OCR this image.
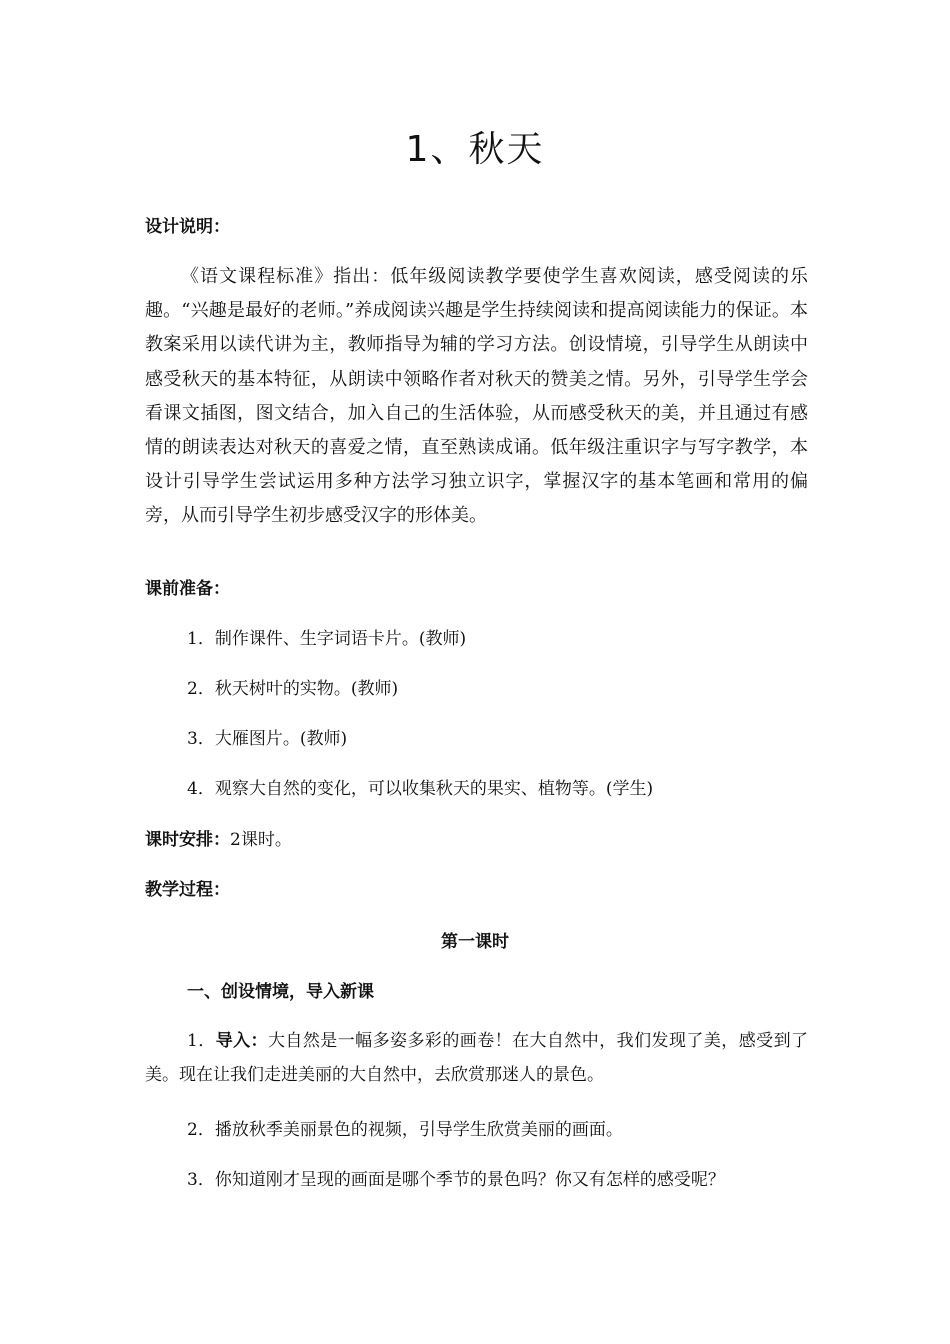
1、秋天
设计说明：

《语文课程标准》指出：低年级阅读教学要使学生喜欢阅读，感受阅读的乐趣。“兴趣是最好的老师。”养成阅读兴趣是学生持续阅读和提高阅读能力的保证。本教案采用以读代讲为主，教师指导为辅的学习方法。创设情境，引导学生从朗读中感受秋天的基本特征，从朗读中领略作者对秋天的赞美之情。另外，引导学生学会看课文插图，图文结合，加入自己的生活体验，从而感受秋天的美，并且通过有感情的朗读表达对秋天的喜爱之情，直至熟读成诵。低年级注重识字与写字教学，本设计引导学生尝试运用多种方法学习独立识字，掌握汉字的基本笔画和常用的偏旁，从而引导学生初步感受汉字的形体美。

课前准备：
1．制作课件、生字词语卡片。(教师)
2．秋天树叶的实物。(教师)
3．大雁图片。(教师)
4．观察大自然的变化，可以收集秋天的果实、植物等。(学生)
课时安排：2课时。
教学过程：
第一课时
一、创设情境，导入新课

1．导入：大自然是一幅多姿多彩的画卷！在大自然中，我们发现了美，感受到了美。现在让我们走进美丽的大自然中，去欣赏那迷人的景色。

2．播放秋季美丽景色的视频，引导学生欣赏美丽的画面。
3．你知道刚才呈现的画面是哪个季节的景色吗？你又有怎样的感受呢？
